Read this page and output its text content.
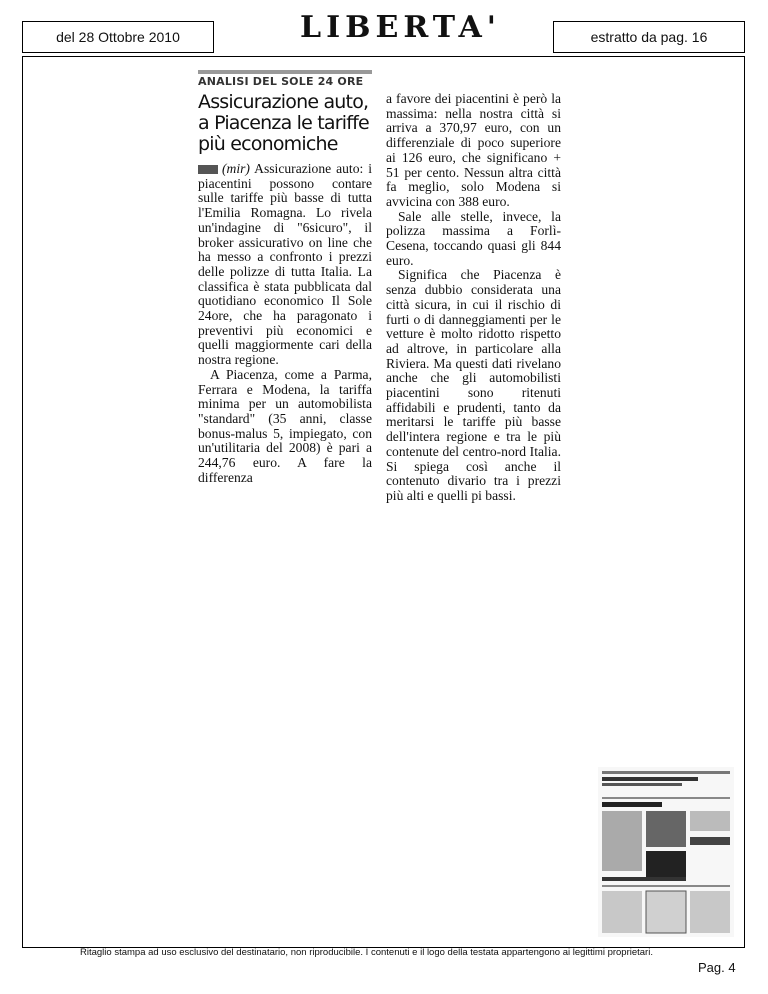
del 28 Ottobre 2010	LIBERTA'	estratto da pag. 16
ANALISI DEL SOLE 24 ORE
Assicurazione auto, a Piacenza le tariffe più economiche

(mir) Assicurazione auto: i piacentini possono contare sulle tariffe più basse di tutta l'Emilia Romagna. Lo rivela un'indagine di "6sicuro", il broker assicurativo on line che ha messo a confronto i prezzi delle polizze di tutta Italia. La classifica è stata pubblicata dal quotidiano economico Il Sole 24ore, che ha paragonato i preventivi più economici e quelli maggiormente cari della nostra regione.

A Piacenza, come a Parma, Ferrara e Modena, la tariffa minima per un automobilista "standard" (35 anni, classe bonus-malus 5, impiegato, con un'utilitaria del 2008) è pari a 244,76 euro. A fare la differenza

a favore dei piacentini è però la massima: nella nostra città si arriva a 370,97 euro, con un differenziale di poco superiore ai 126 euro, che significano + 51 per cento. Nessun altra città fa meglio, solo Modena si avvicina con 388 euro.

Sale alle stelle, invece, la polizza massima a Forlì-Cesena, toccando quasi gli 844 euro.

Significa che Piacenza è senza dubbio considerata una città sicura, in cui il rischio di furti o di danneggiamenti per le vetture è molto ridotto rispetto ad altrove, in particolare alla Riviera. Ma questi dati rivelano anche che gli automobilisti piacentini sono ritenuti affidabili e prudenti, tanto da meritarsi le tariffe più basse dell'intera regione e tra le più contenute del centro-nord Italia. Si spiega così anche il contenuto divario tra i prezzi più alti e quelli pi bassi.

Ritaglio stampa ad uso esclusivo del destinatario, non riproducibile. I contenuti e il logo della testata appartengono ai legittimi proprietari.
Pag. 4
